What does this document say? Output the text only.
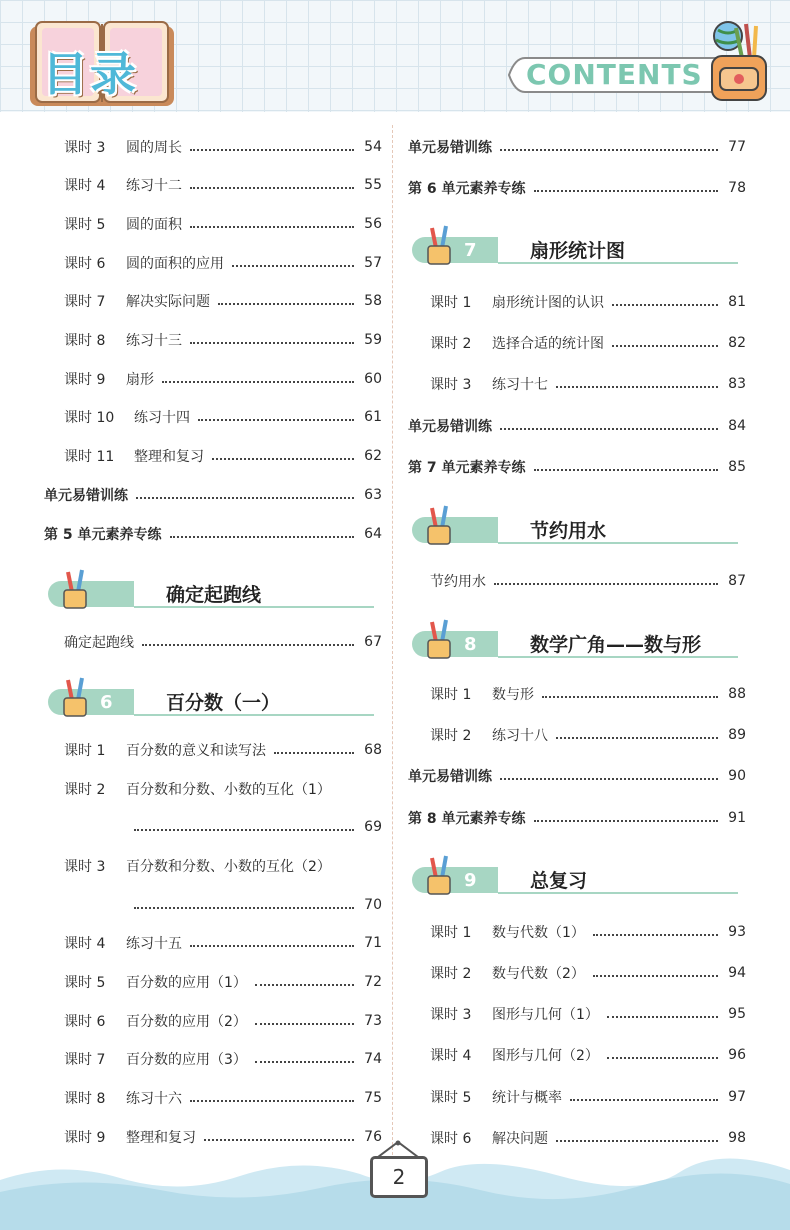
目录	CONTENTS
课时 3	圆的周长	54
课时 4	练习十二	55
课时 5	圆的面积	56
课时 6	圆的面积的应用	57
课时 7	解决实际问题	58
课时 8	练习十三	59
课时 9	扇形	60
课时 10	练习十四	61
课时 11	整理和复习	62
单元易错训练	63
第 5 单元素养专练	64
确定起跑线
确定起跑线	67
6	百分数（一）
课时 1	百分数的意义和读写法	68
课时 2	百分数和分数、小数的互化（1）
69
课时 3	百分数和分数、小数的互化（2）
70
课时 4	练习十五	71
课时 5	百分数的应用（1）	72
课时 6	百分数的应用（2）	73
课时 7	百分数的应用（3）	74
课时 8	练习十六	75
课时 9	整理和复习	76
单元易错训练	77
第 6 单元素养专练	78
7	扇形统计图
课时 1	扇形统计图的认识	81
课时 2	选择合适的统计图	82
课时 3	练习十七	83
单元易错训练	84
第 7 单元素养专练	85
节约用水
节约用水	87
8	数学广角——数与形
课时 1	数与形	88
课时 2	练习十八	89
单元易错训练	90
第 8 单元素养专练	91
9	总复习
课时 1	数与代数（1）	93
课时 2	数与代数（2）	94
课时 3	图形与几何（1）	95
课时 4	图形与几何（2）	96
课时 5	统计与概率	97
课时 6	解决问题	98
2
